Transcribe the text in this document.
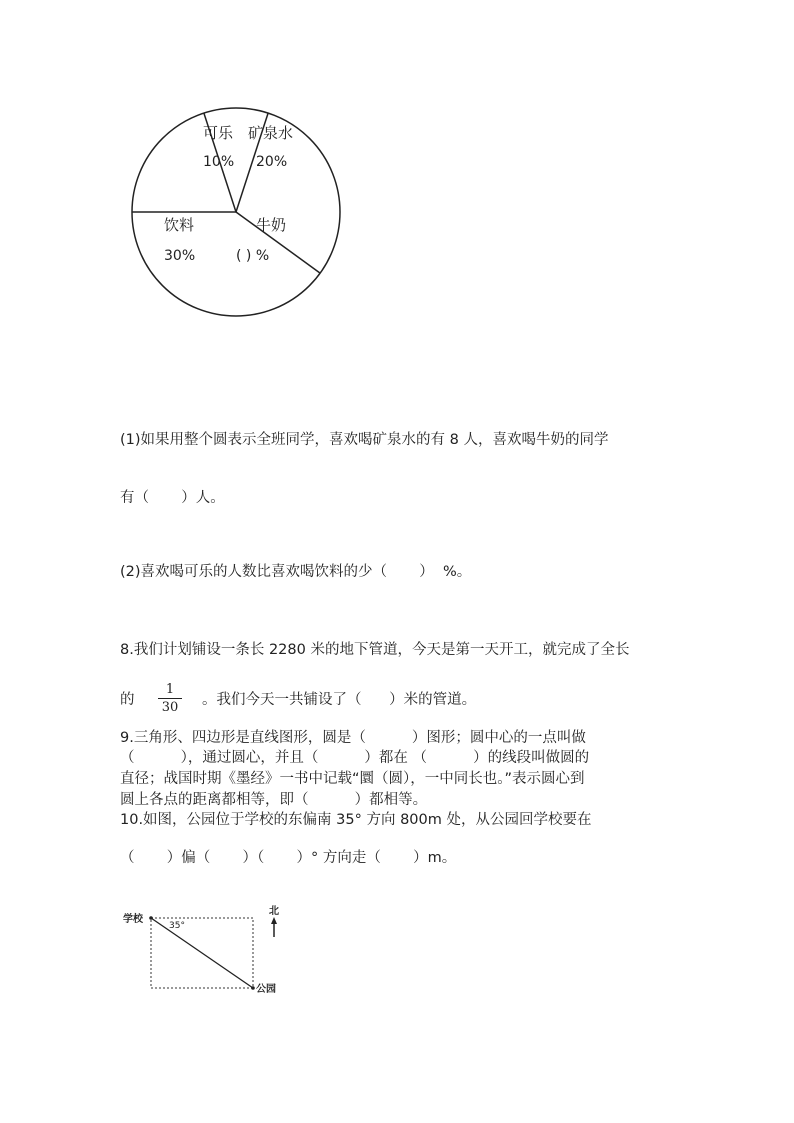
可乐
10%
矿泉水
20%
饮料
30%
牛奶
( ) %
(1)如果用整个圆表示全班同学，喜欢喝矿泉水的有 8 人，喜欢喝牛奶的同学
有（       ）人。
(2)喜欢喝可乐的人数比喜欢喝饮料的少（       ）  %。
8.我们计划铺设一条长 2280 米的地下管道，今天是第一天开工，就完成了全长
的
1
30 。我们今天一共铺设了（      ）米的管道。
9.三角形、四边形是直线图形，圆是（          ）图形；圆中心的一点叫做
（          ），通过圆心，并且（          ）都在 （          ）的线段叫做圆的
直径；战国时期《墨经》一书中记载“圜（圆），一中同长也。”表示圆心到
圆上各点的距离都相等，即（          ）都相等。
10.如图，公园位于学校的东偏南 35° 方向 800m 处，从公园回学校要在
（       ）偏（       ）（       ）° 方向走（       ）m。
学校
公园
35°
北
